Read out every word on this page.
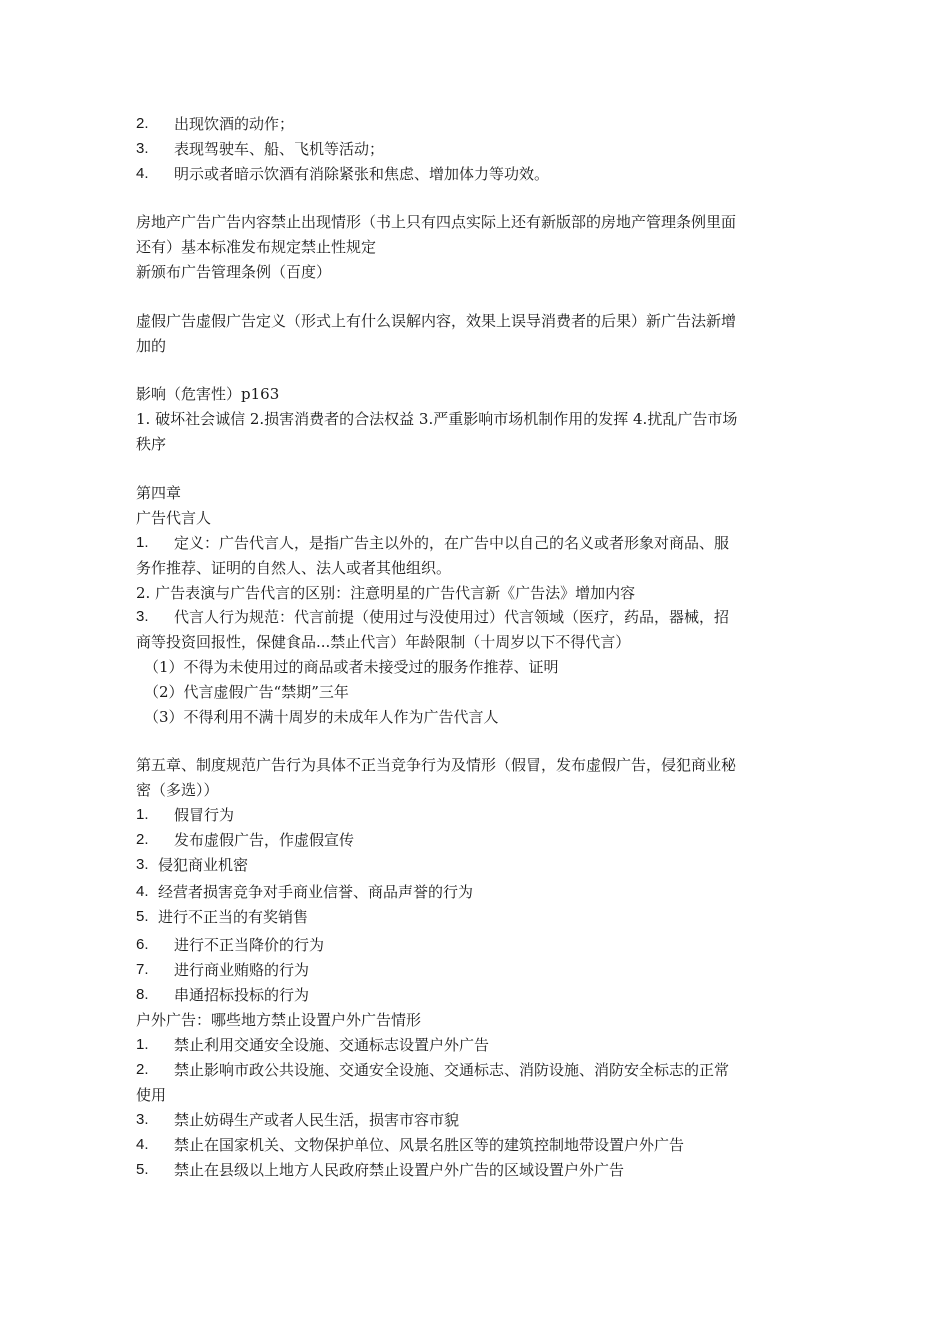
2. 出现饮酒的动作；
3. 表现驾驶车、船、飞机等活动；
4. 明示或者暗示饮酒有消除紧张和焦虑、增加体力等功效。
房地产广告广告内容禁止出现情形（书上只有四点实际上还有新版部的房地产管理条例里面
还有）基本标准发布规定禁止性规定
新颁布广告管理条例（百度）
虚假广告虚假广告定义（形式上有什么误解内容，效果上误导消费者的后果）新广告法新增
加的
影响（危害性）p163
1. 破坏社会诚信 2.损害消费者的合法权益 3.严重影响市场机制作用的发挥 4.扰乱广告市场
秩序
第四章
广告代言人
1. 定义：广告代言人，是指广告主以外的，在广告中以自己的名义或者形象对商品、服
务作推荐、证明的自然人、法人或者其他组织。
2. 广告表演与广告代言的区别：注意明星的广告代言新《广告法》增加内容
3. 代言人行为规范：代言前提（使用过与没使用过）代言领域（医疗，药品，器械，招
商等投资回报性，保健食品...禁止代言）年龄限制（十周岁以下不得代言）
（1）不得为未使用过的商品或者未接受过的服务作推荐、证明
（2）代言虚假广告“禁期”三年
（3）不得利用不满十周岁的未成年人作为广告代言人
第五章、制度规范广告行为具体不正当竞争行为及情形（假冒，发布虚假广告，侵犯商业秘
密（多选））
1. 假冒行为
2. 发布虚假广告，作虚假宣传
3. 侵犯商业机密
4. 经营者损害竞争对手商业信誉、商品声誉的行为
5. 进行不正当的有奖销售
6. 进行不正当降价的行为
7. 进行商业贿赂的行为
8. 串通招标投标的行为
户外广告：哪些地方禁止设置户外广告情形
1. 禁止利用交通安全设施、交通标志设置户外广告
2. 禁止影响市政公共设施、交通安全设施、交通标志、消防设施、消防安全标志的正常
使用
3. 禁止妨碍生产或者人民生活，损害市容市貌
4. 禁止在国家机关、文物保护单位、风景名胜区等的建筑控制地带设置户外广告
5. 禁止在县级以上地方人民政府禁止设置户外广告的区域设置户外广告
